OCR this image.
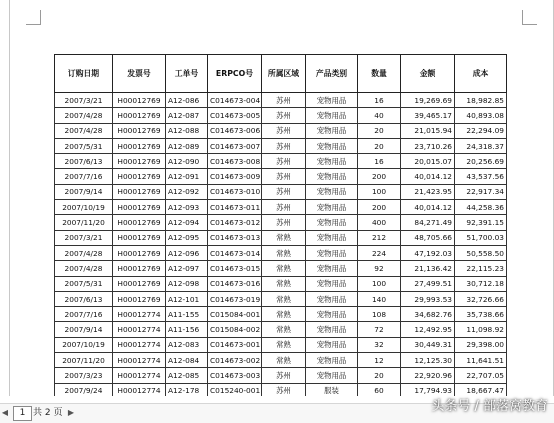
订购日期	发票号	工单号	ERPCO号	所属区域	产品类别	数量	金额	成本
2007/3/21	H00012769	A12-086	C014673-004	苏州	宠物用品	16	19,269.69	18,982.85
2007/4/28	H00012769	A12-087	C014673-005	苏州	宠物用品	40	39,465.17	40,893.08
2007/4/28	H00012769	A12-088	C014673-006	苏州	宠物用品	20	21,015.94	22,294.09
2007/5/31	H00012769	A12-089	C014673-007	苏州	宠物用品	20	23,710.26	24,318.37
2007/6/13	H00012769	A12-090	C014673-008	苏州	宠物用品	16	20,015.07	20,256.69
2007/7/16	H00012769	A12-091	C014673-009	苏州	宠物用品	200	40,014.12	43,537.56
2007/9/14	H00012769	A12-092	C014673-010	苏州	宠物用品	100	21,423.95	22,917.34
2007/10/19	H00012769	A12-093	C014673-011	苏州	宠物用品	200	40,014.12	44,258.36
2007/11/20	H00012769	A12-094	C014673-012	苏州	宠物用品	400	84,271.49	92,391.15
2007/3/21	H00012769	A12-095	C014673-013	常熟	宠物用品	212	48,705.66	51,700.03
2007/4/28	H00012769	A12-096	C014673-014	常熟	宠物用品	224	47,192.03	50,558.50
2007/4/28	H00012769	A12-097	C014673-015	常熟	宠物用品	92	21,136.42	22,115.23
2007/5/31	H00012769	A12-098	C014673-016	常熟	宠物用品	100	27,499.51	30,712.18
2007/6/13	H00012769	A12-101	C014673-019	常熟	宠物用品	140	29,993.53	32,726.66
2007/7/16	H00012774	A11-155	C015084-001	常熟	宠物用品	108	34,682.76	35,738.66
2007/9/14	H00012774	A11-156	C015084-002	常熟	宠物用品	72	12,492.95	11,098.92
2007/10/19	H00012774	A12-083	C014673-001	常熟	宠物用品	32	30,449.31	29,398.00
2007/11/20	H00012774	A12-084	C014673-002	常熟	宠物用品	12	12,125.30	11,641.51
2007/3/23	H00012774	A12-085	C014673-003	苏州	宠物用品	20	22,920.96	22,707.05
2007/9/24	H00012774	A12-178	C015240-001	苏州	服装	60	17,794.93	18,667.47

◀	1 共 2 页 ▶	头条号 / 部落窝教育
